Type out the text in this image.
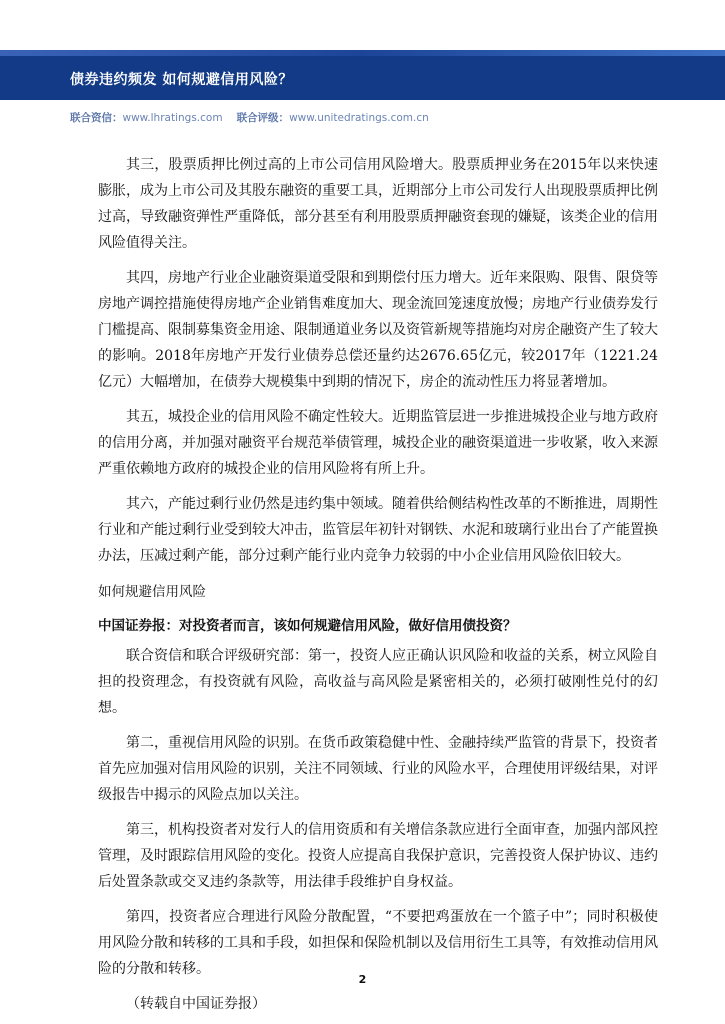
债券违约频发 如何规避信用风险？
联合资信：www.lhratings.com 联合评级：www.unitedratings.com.cn

其三，股票质押比例过高的上市公司信用风险增大。股票质押业务在2015年以来快速膨胀，成为上市公司及其股东融资的重要工具，近期部分上市公司发行人出现股票质押比例过高，导致融资弹性严重降低，部分甚至有利用股票质押融资套现的嫌疑，该类企业的信用风险值得关注。

其四，房地产行业企业融资渠道受限和到期偿付压力增大。近年来限购、限售、限贷等房地产调控措施使得房地产企业销售难度加大、现金流回笼速度放慢；房地产行业债券发行门槛提高、限制募集资金用途、限制通道业务以及资管新规等措施均对房企融资产生了较大的影响。2018年房地产开发行业债券总偿还量约达2676.65亿元，较2017年（1221.24亿元）大幅增加，在债券大规模集中到期的情况下，房企的流动性压力将显著增加。

其五，城投企业的信用风险不确定性较大。近期监管层进一步推进城投企业与地方政府的信用分离，并加强对融资平台规范举债管理，城投企业的融资渠道进一步收紧，收入来源严重依赖地方政府的城投企业的信用风险将有所上升。

其六，产能过剩行业仍然是违约集中领域。随着供给侧结构性改革的不断推进，周期性行业和产能过剩行业受到较大冲击，监管层年初针对钢铁、水泥和玻璃行业出台了产能置换办法，压减过剩产能，部分过剩产能行业内竞争力较弱的中小企业信用风险依旧较大。

如何规避信用风险

中国证券报：对投资者而言，该如何规避信用风险，做好信用债投资？

联合资信和联合评级研究部：第一，投资人应正确认识风险和收益的关系，树立风险自担的投资理念，有投资就有风险，高收益与高风险是紧密相关的，必须打破刚性兑付的幻想。

第二，重视信用风险的识别。在货币政策稳健中性、金融持续严监管的背景下，投资者首先应加强对信用风险的识别，关注不同领域、行业的风险水平，合理使用评级结果，对评级报告中揭示的风险点加以关注。

第三，机构投资者对发行人的信用资质和有关增信条款应进行全面审查，加强内部风控管理，及时跟踪信用风险的变化。投资人应提高自我保护意识，完善投资人保护协议、违约后处置条款或交叉违约条款等，用法律手段维护自身权益。

第四，投资者应合理进行风险分散配置，“不要把鸡蛋放在一个篮子中”；同时积极使用风险分散和转移的工具和手段，如担保和保险机制以及信用衍生工具等，有效推动信用风险的分散和转移。

（转载自中国证券报）

2
